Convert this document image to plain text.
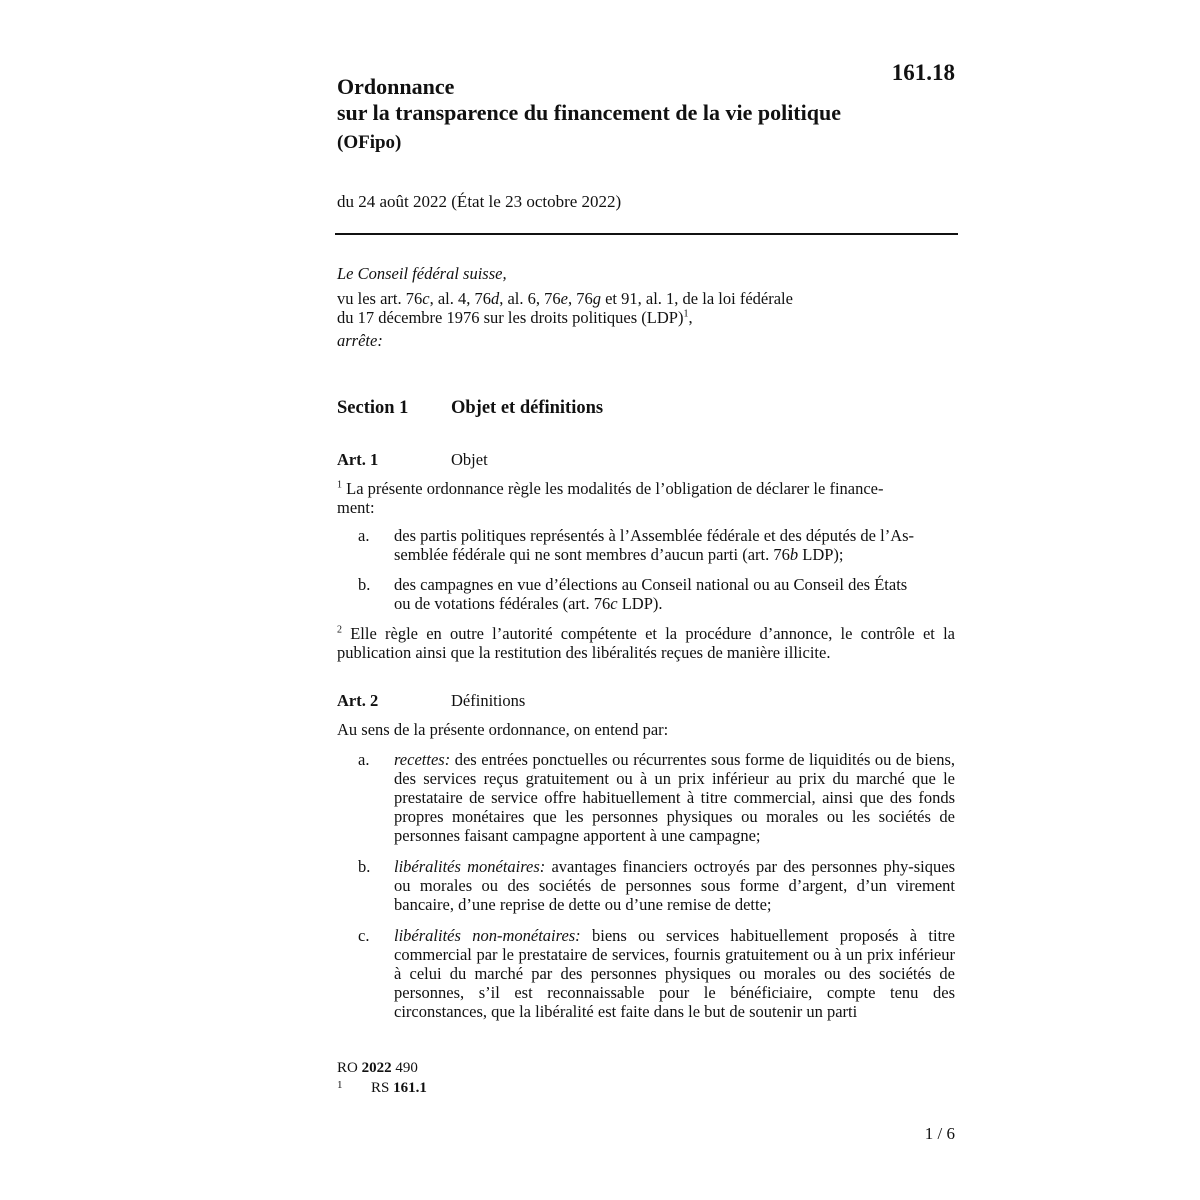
161.18
Ordonnance
sur la transparence du financement de la vie politique
(OFipo)
du 24 août 2022 (État le 23 octobre 2022)
Le Conseil fédéral suisse,
vu les art. 76c, al. 4, 76d, al. 6, 76e, 76g et 91, al. 1, de la loi fédérale
du 17 décembre 1976 sur les droits politiques (LDP)$^1$,
arrête:
Section 1 Objet et définitions
Art. 1	Objet
$^1$ La présente ordonnance règle les modalités de l’obligation de déclarer le finance-
ment:
a.	des partis politiques représentés à l’Assemblée fédérale et des députés de l’As-
semblée fédérale qui ne sont membres d’aucun parti (art. 76b LDP);
b.	des campagnes en vue d’élections au Conseil national ou au Conseil des États
ou de votations fédérales (art. 76c LDP).
$^2$ Elle règle en outre l’autorité compétente et la procédure d’annonce, le contrôle et la publication ainsi que la restitution des libéralités reçues de manière illicite.
Art. 2	Définitions
Au sens de la présente ordonnance, on entend par:
a.	recettes: des entrées ponctuelles ou récurrentes sous forme de liquidités ou de biens, des services reçus gratuitement ou à un prix inférieur au prix du marché que le prestataire de service offre habituellement à titre commercial, ainsi que des fonds propres monétaires que les personnes physiques ou morales ou les sociétés de personnes faisant campagne apportent à une campagne;
b.	libéralités monétaires: avantages financiers octroyés par des personnes phy-siques ou morales ou des sociétés de personnes sous forme d’argent, d’un virement bancaire, d’une reprise de dette ou d’une remise de dette;
c.	libéralités non-monétaires: biens ou services habituellement proposés à titre commercial par le prestataire de services, fournis gratuitement ou à un prix inférieur à celui du marché par des personnes physiques ou morales ou des sociétés de personnes, s’il est reconnaissable pour le bénéficiaire, compte tenu des circonstances, que la libéralité est faite dans le but de soutenir un parti
RO 2022 490
1	RS 161.1
1 / 6
